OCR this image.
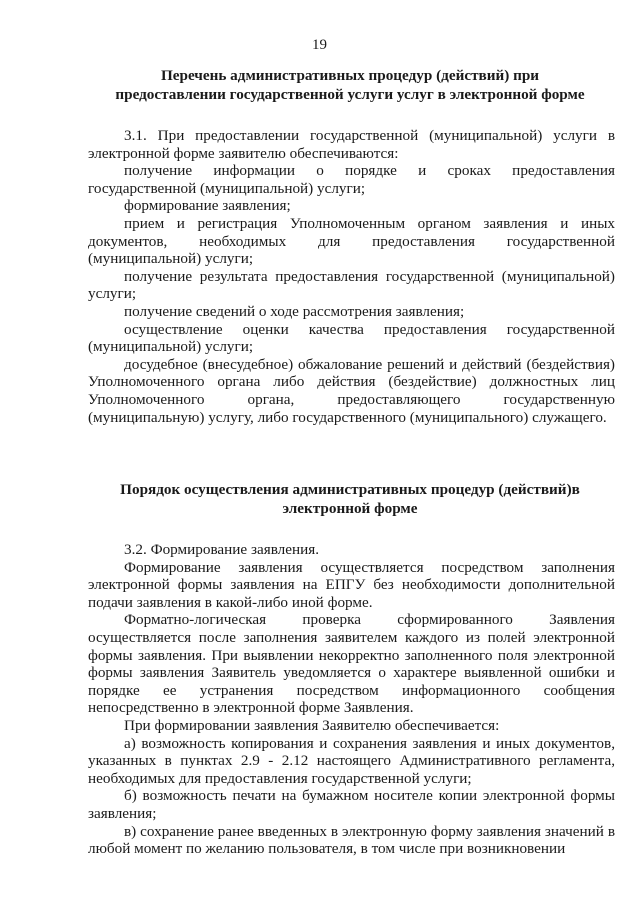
19
Перечень административных процедур (действий) при
предоставлении государственной услуги услуг в электронной форме

3.1. При предоставлении государственной (муниципальной) услуги в электронной форме заявителю обеспечиваются:

получение информации о порядке и сроках предоставления государственной (муниципальной) услуги;

формирование заявления;

прием и регистрация Уполномоченным органом заявления и иных документов, необходимых для предоставления государственной (муниципальной) услуги;

получение результата предоставления государственной (муниципальной) услуги;

получение сведений о ходе рассмотрения заявления;

осуществление оценки качества предоставления государственной (муниципальной) услуги;

досудебное (внесудебное) обжалование решений и действий (бездействия) Уполномоченного органа либо действия (бездействие) должностных лиц Уполномоченного органа, предоставляющего государственную (муниципальную) услугу, либо государственного (муниципального) служащего.

Порядок осуществления административных процедур (действий)в
электронной форме

3.2. Формирование заявления.

Формирование заявления осуществляется посредством заполнения электронной формы заявления на ЕПГУ без необходимости дополнительной подачи заявления в какой-либо иной форме.

Форматно-логическая проверка сформированного Заявления осуществляется после заполнения заявителем каждого из полей электронной формы заявления. При выявлении некорректно заполненного поля электронной формы заявления Заявитель уведомляется о характере выявленной ошибки и порядке ее устранения посредством информационного сообщения непосредственно в электронной форме Заявления.

При формировании заявления Заявителю обеспечивается:

а) возможность копирования и сохранения заявления и иных документов, указанных в пунктах 2.9 - 2.12 настоящего Административного регламента, необходимых для предоставления государственной услуги;

б) возможность печати на бумажном носителе копии электронной формы заявления;

в) сохранение ранее введенных в электронную форму заявления значений в любой момент по желанию пользователя, в том числе при возникновении
